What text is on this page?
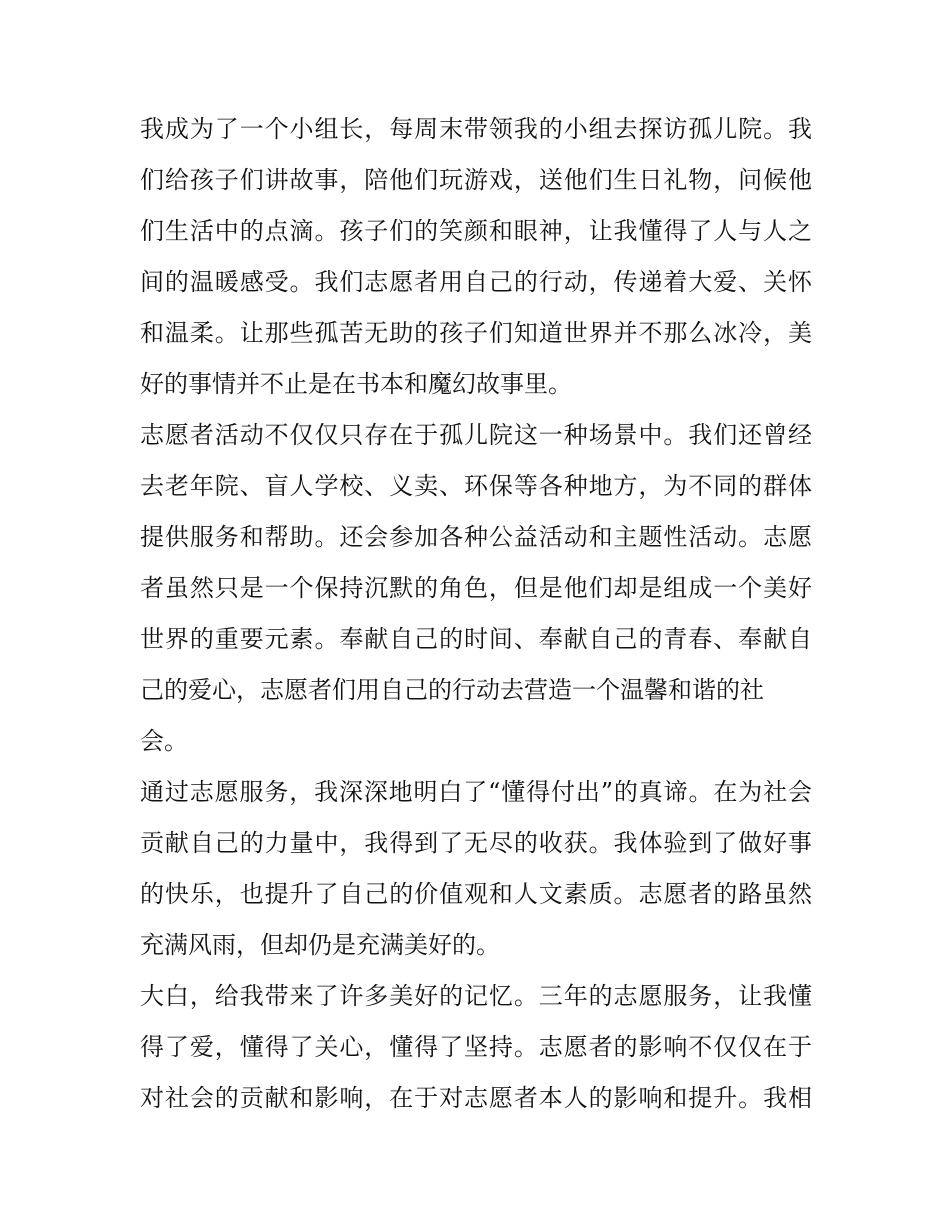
我成为了一个小组长，每周末带领我的小组去探访孤儿院。我
们给孩子们讲故事，陪他们玩游戏，送他们生日礼物，问候他
们生活中的点滴。孩子们的笑颜和眼神，让我懂得了人与人之
间的温暖感受。我们志愿者用自己的行动，传递着大爱、关怀
和温柔。让那些孤苦无助的孩子们知道世界并不那么冰冷，美
好的事情并不止是在书本和魔幻故事里。
志愿者活动不仅仅只存在于孤儿院这一种场景中。我们还曾经
去老年院、盲人学校、义卖、环保等各种地方，为不同的群体
提供服务和帮助。还会参加各种公益活动和主题性活动。志愿
者虽然只是一个保持沉默的角色，但是他们却是组成一个美好
世界的重要元素。奉献自己的时间、奉献自己的青春、奉献自
己的爱心，志愿者们用自己的行动去营造一个温馨和谐的社
会。
通过志愿服务，我深深地明白了“懂得付出”的真谛。在为社会
贡献自己的力量中，我得到了无尽的收获。我体验到了做好事
的快乐，也提升了自己的价值观和人文素质。志愿者的路虽然
充满风雨，但却仍是充满美好的。
大白，给我带来了许多美好的记忆。三年的志愿服务，让我懂
得了爱，懂得了关心，懂得了坚持。志愿者的影响不仅仅在于
对社会的贡献和影响，在于对志愿者本人的影响和提升。我相
